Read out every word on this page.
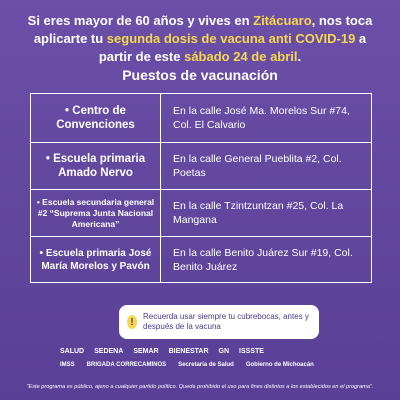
Si eres mayor de 60 años y vives en Zitácuaro, nos toca aplicarte tu segunda dosis de vacuna anti COVID-19 a partir de este sábado 24 de abril.
Puestos de vacunación
• Centro de Convenciones
En la calle José Ma. Morelos Sur #74, Col. El Calvario
• Escuela primaria Amado Nervo
En la calle General Pueblita #2, Col. Poetas
• Escuela secundaria general #2 “Suprema Junta Nacional Americana”
En la calle Tzintzuntzan #25, Col. La Mangana
• Escuela primaria José María Morelos y Pavón
En la calle Benito Juárez Sur #19, Col. Benito Juárez
!	Recuerda usar siempre tu cubrebocas, antes y después de la vacuna
SALUD SEDENA SEMAR BIENESTAR GN ISSSTE
IMSS BRIGADA CORRECAMINOS Secretaría de Salud Gobierno de Michoacán
"Este programa es público, ajeno a cualquier partido político. Queda prohibido el uso para fines distintos a los establecidos en el programa".
